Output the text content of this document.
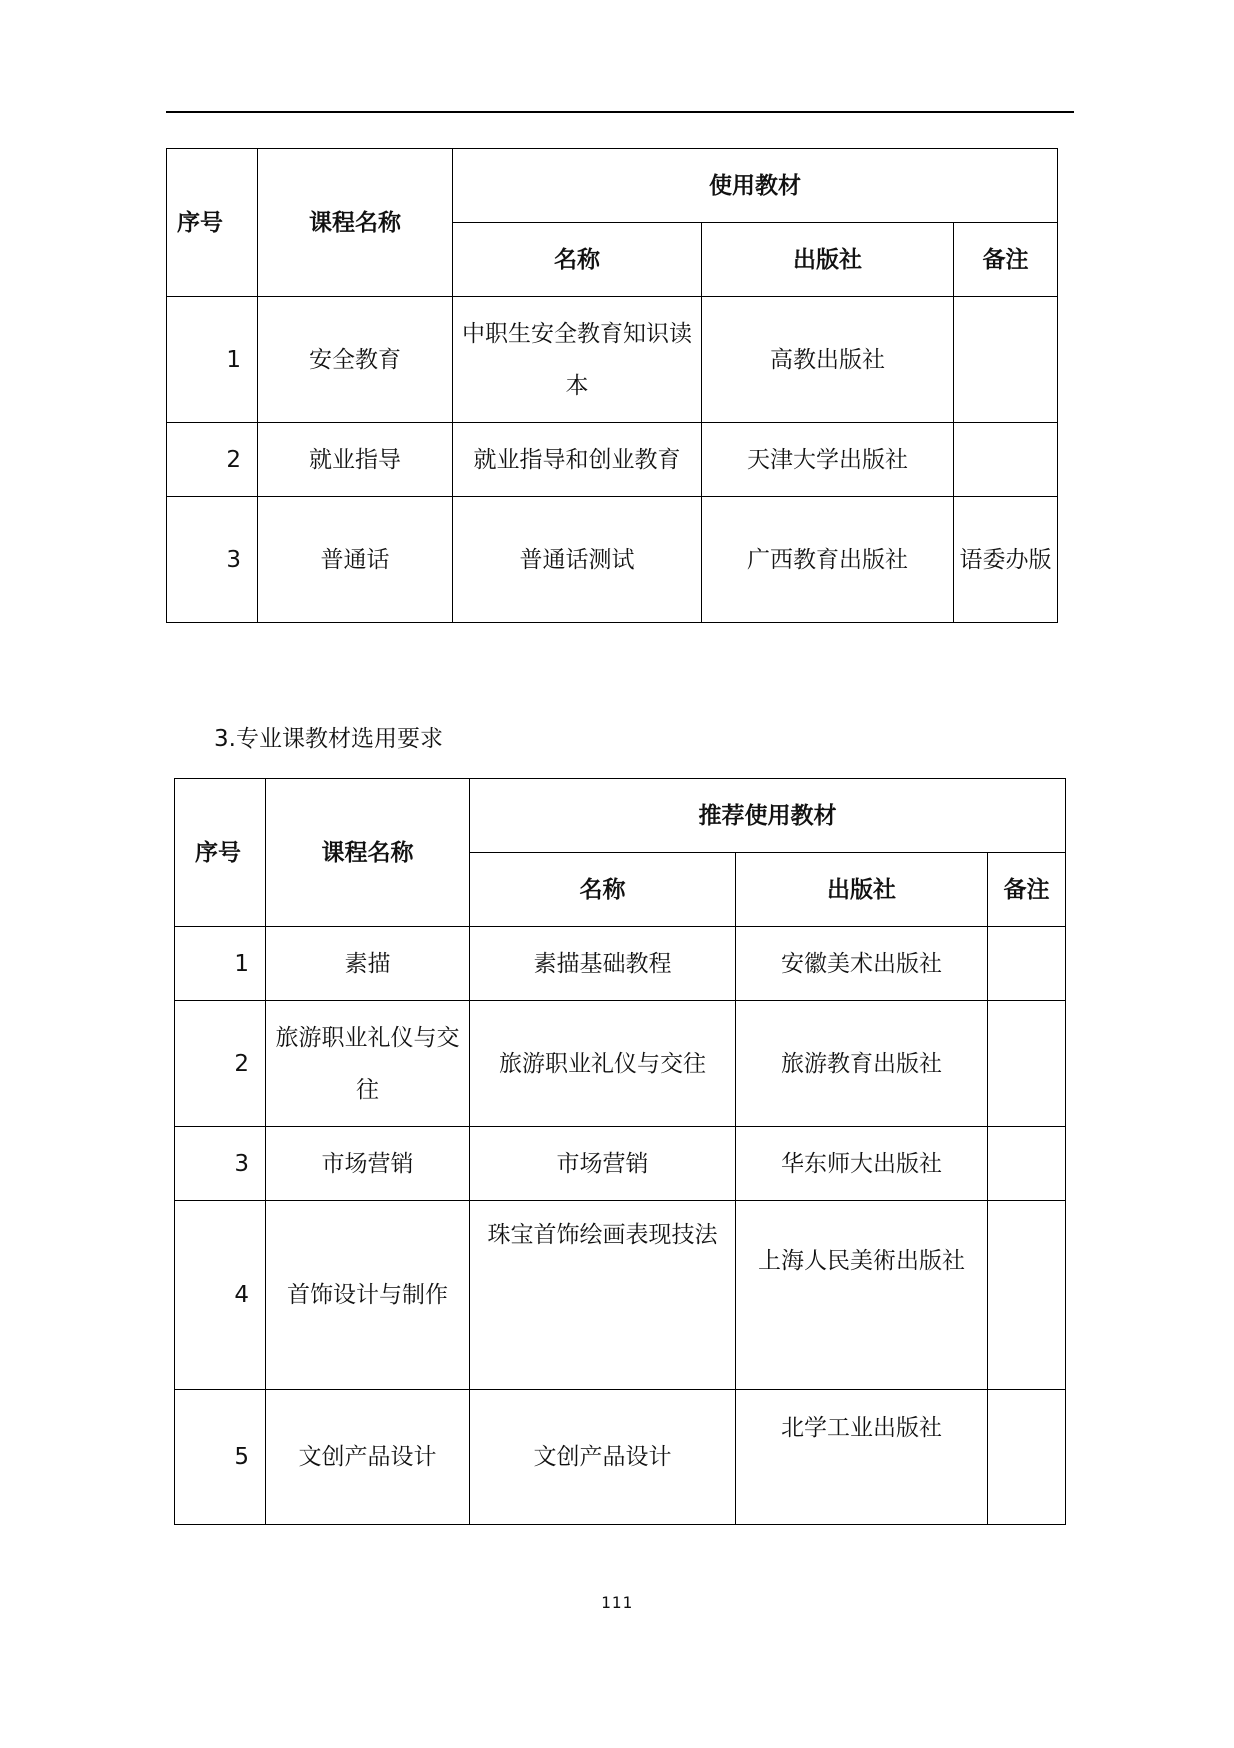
序号	课程名称	使用教材		
		名称	出版社	备注
1	安全教育	中职生安全教育知识读本	高教出版社	
2	就业指导	就业指导和创业教育	天津大学出版社	
3	普通话	普通话测试	广西教育出版社	语委办版
3.专业课教材选用要求
序号	课程名称	推荐使用教材		
		名称	出版社	备注
1	素描	素描基础教程	安徽美术出版社	
2	旅游职业礼仪与交往	旅游职业礼仪与交往	旅游教育出版社	
3	市场营销	市场营销	华东师大出版社	
4	首饰设计与制作	珠宝首饰绘画表现技法	上海人民美術出版社	
5	文创产品设计	文创产品设计	北学工业出版社	
111
